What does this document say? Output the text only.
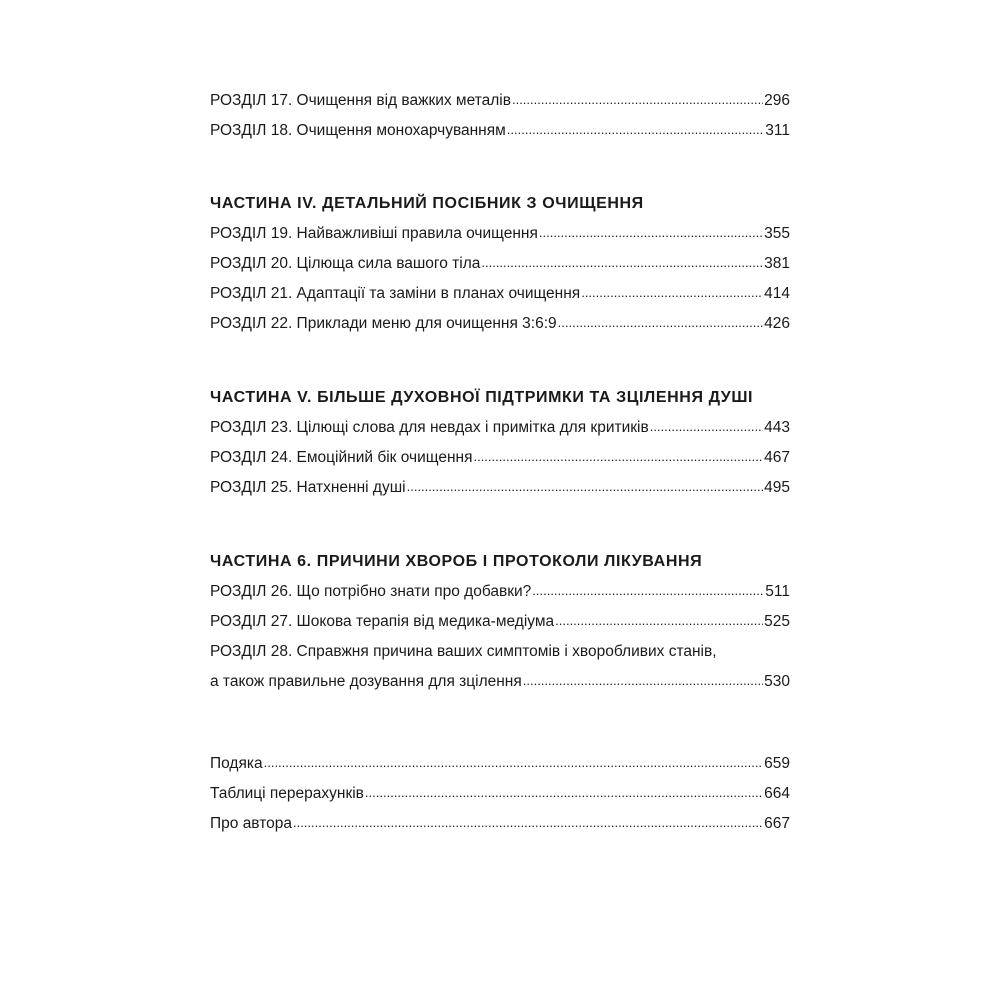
РОЗДІЛ 17. Очищення від важких металів .....	296
РОЗДІЛ 18. Очищення монохарчуванням .....	311
ЧАСТИНА IV. ДЕТАЛЬНИЙ ПОСІБНИК З ОЧИЩЕННЯ
РОЗДІЛ 19. Найважливіші правила очищення .....	355
РОЗДІЛ 20. Цілюща сила вашого тіла .....	381
РОЗДІЛ 21. Адаптації та заміни в планах очищення .....	414
РОЗДІЛ 22. Приклади меню для очищення 3:6:9 .....	426
ЧАСТИНА V. БІЛЬШЕ ДУХОВНОЇ ПІДТРИМКИ ТА ЗЦІЛЕННЯ ДУШІ
РОЗДІЛ 23. Цілющі слова для невдах і примітка для критиків .....	443
РОЗДІЛ 24. Емоційний бік очищення .....	467
РОЗДІЛ 25. Натхненні душі .....	495
ЧАСТИНА 6. ПРИЧИНИ ХВОРОБ І ПРОТОКОЛИ ЛІКУВАННЯ
РОЗДІЛ 26. Що потрібно знати про добавки? .....	511
РОЗДІЛ 27. Шокова терапія від медика-медіума .....	525
РОЗДІЛ 28. Справжня причина ваших симптомів і хворобливих станів,
а також правильне дозування для зцілення .....	530
Подяка .....	659
Таблиці перерахунків .....	664
Про автора .....	667
